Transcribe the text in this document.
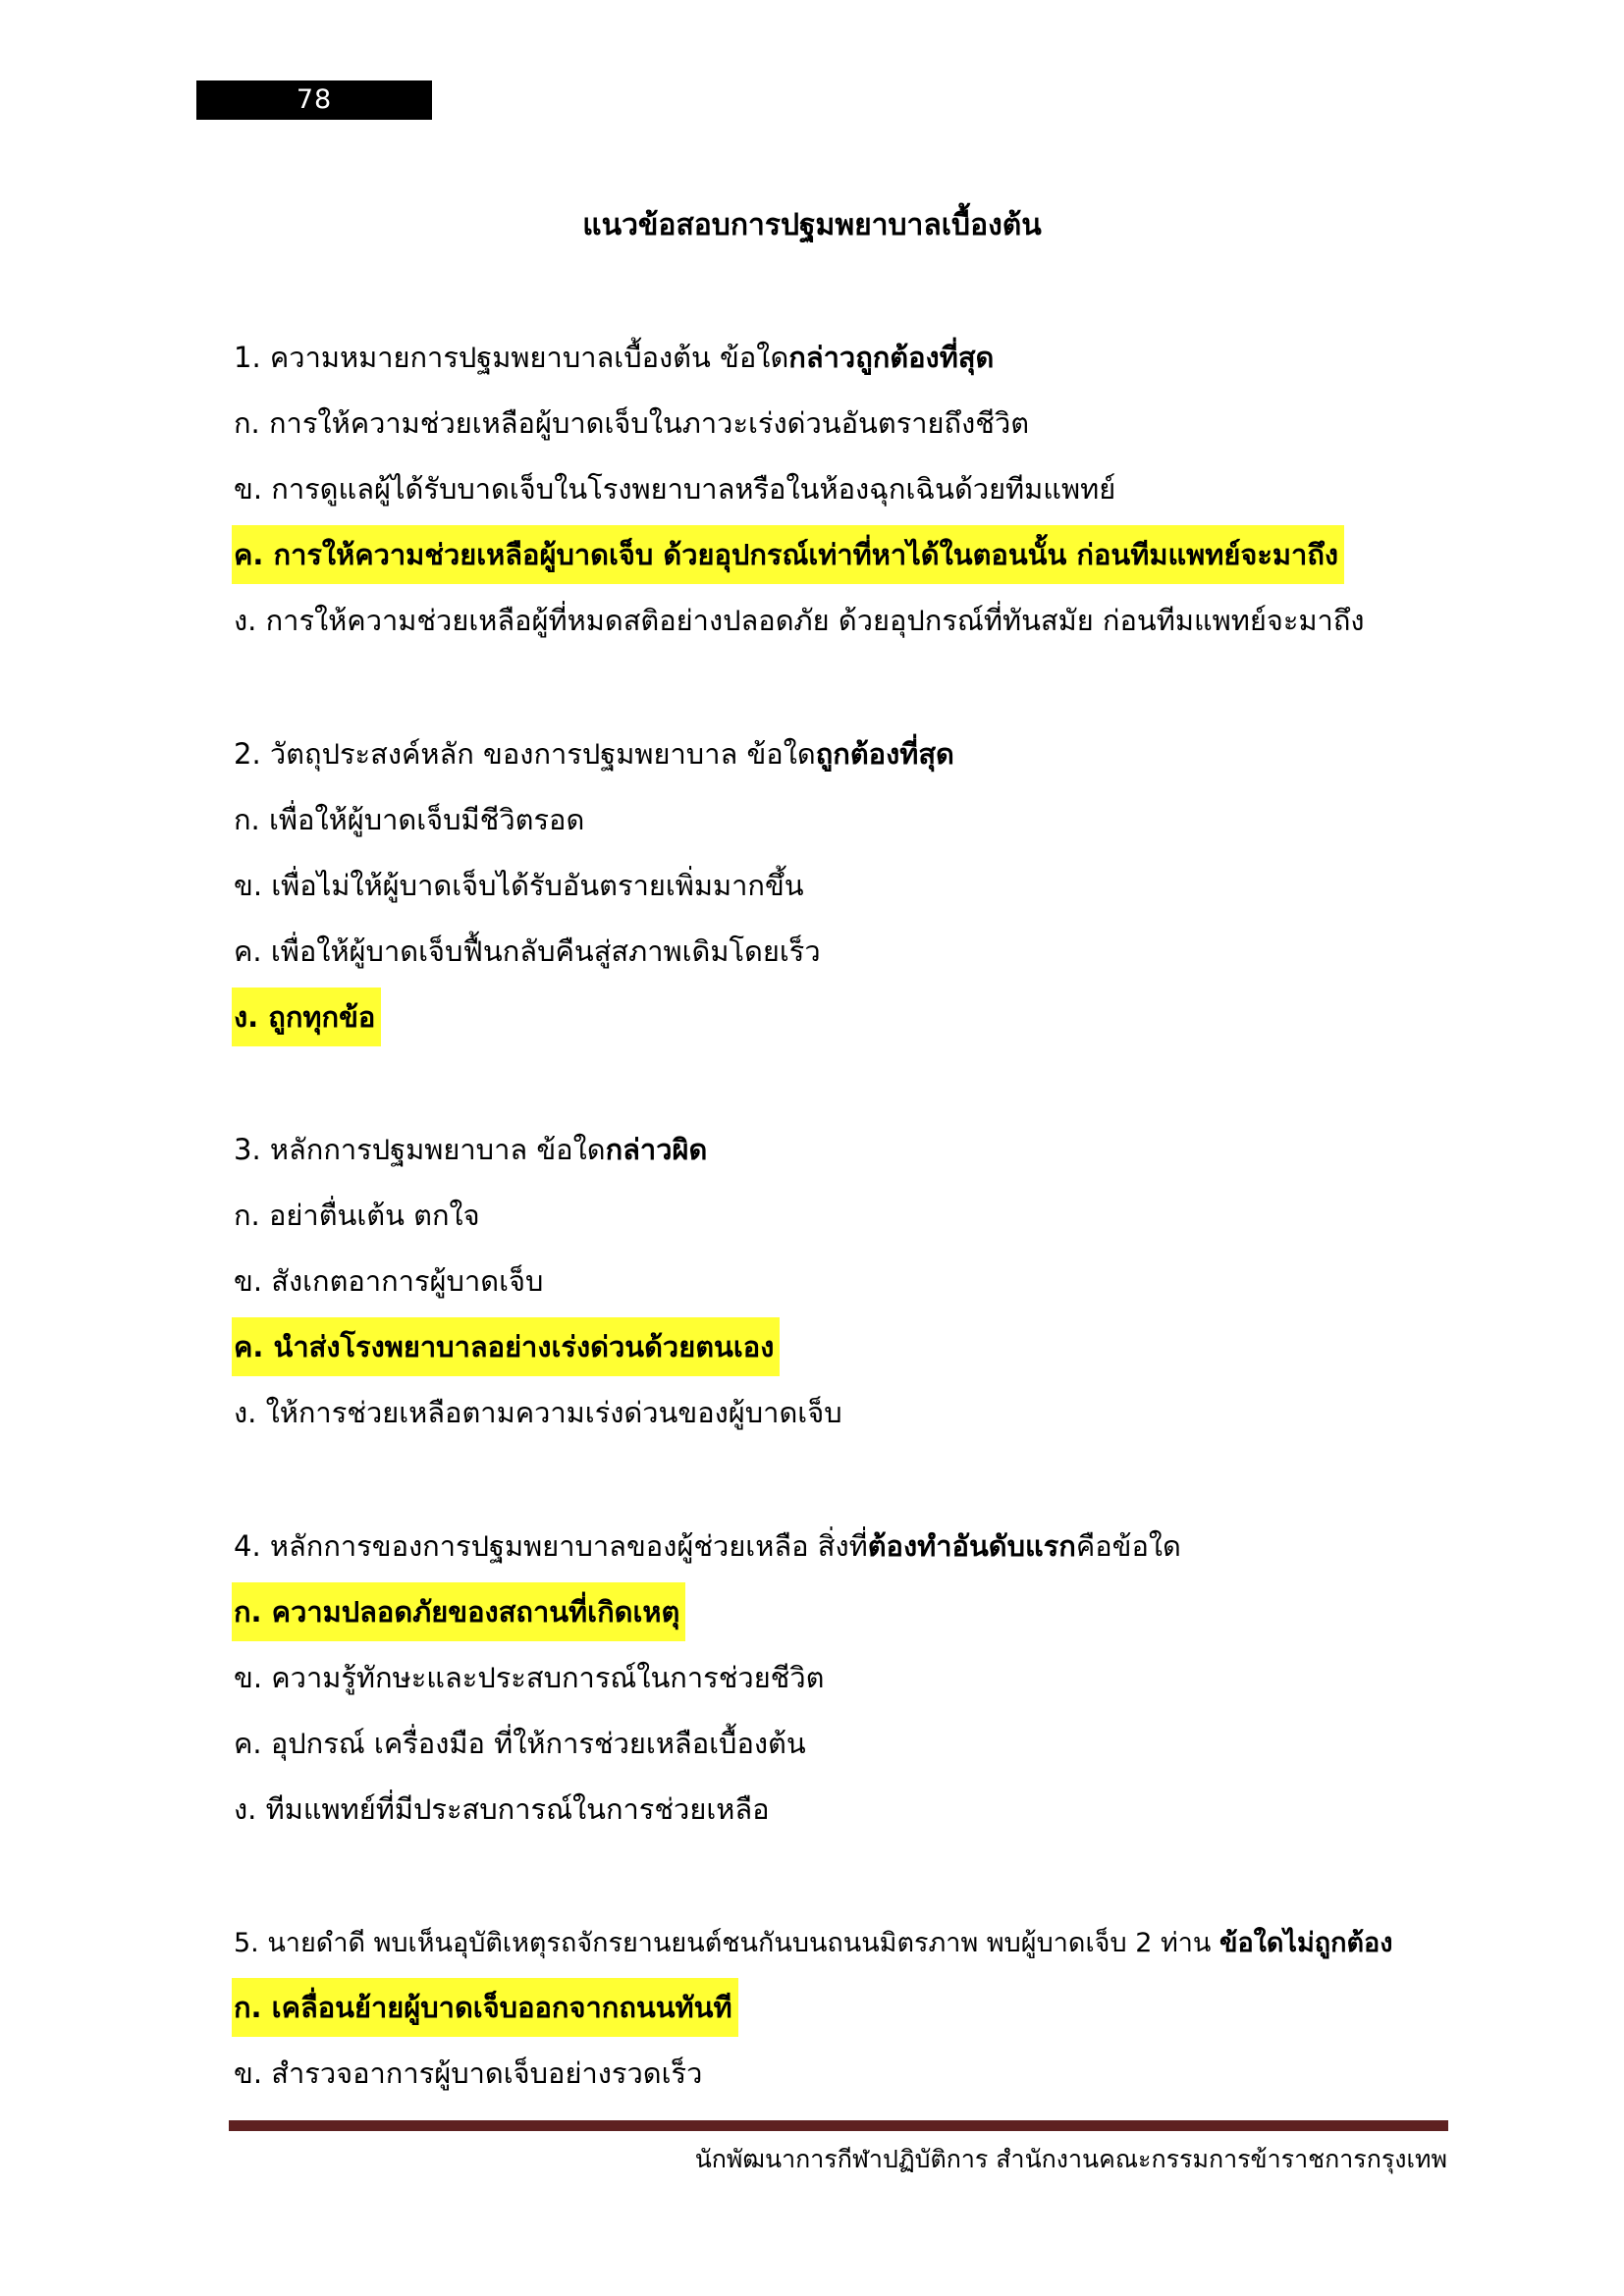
78
แนวข้อสอบการปฐมพยาบาลเบื้องต้น
1. ความหมายการปฐมพยาบาลเบื้องต้น ข้อใดกล่าวถูกต้องที่สุด
ก. การให้ความช่วยเหลือผู้บาดเจ็บในภาวะเร่งด่วนอันตรายถึงชีวิต
ข. การดูแลผู้ได้รับบาดเจ็บในโรงพยาบาลหรือในห้องฉุกเฉินด้วยทีมแพทย์
ค. การให้ความช่วยเหลือผู้บาดเจ็บ ด้วยอุปกรณ์เท่าที่หาได้ในตอนนั้น ก่อนทีมแพทย์จะมาถึง
ง. การให้ความช่วยเหลือผู้ที่หมดสติอย่างปลอดภัย ด้วยอุปกรณ์ที่ทันสมัย ก่อนทีมแพทย์จะมาถึง
2. วัตถุประสงค์หลัก ของการปฐมพยาบาล ข้อใดถูกต้องที่สุด
ก. เพื่อให้ผู้บาดเจ็บมีชีวิตรอด
ข. เพื่อไม่ให้ผู้บาดเจ็บได้รับอันตรายเพิ่มมากขึ้น
ค. เพื่อให้ผู้บาดเจ็บฟื้นกลับคืนสู่สภาพเดิมโดยเร็ว
ง. ถูกทุกข้อ
3. หลักการปฐมพยาบาล ข้อใดกล่าวผิด
ก. อย่าตื่นเต้น ตกใจ
ข. สังเกตอาการผู้บาดเจ็บ
ค. นำส่งโรงพยาบาลอย่างเร่งด่วนด้วยตนเอง
ง. ให้การช่วยเหลือตามความเร่งด่วนของผู้บาดเจ็บ
4. หลักการของการปฐมพยาบาลของผู้ช่วยเหลือ สิ่งที่ต้องทำอันดับแรกคือข้อใด
ก. ความปลอดภัยของสถานที่เกิดเหตุ
ข. ความรู้ทักษะและประสบการณ์ในการช่วยชีวิต
ค. อุปกรณ์ เครื่องมือ ที่ให้การช่วยเหลือเบื้องต้น
ง. ทีมแพทย์ที่มีประสบการณ์ในการช่วยเหลือ
5. นายดำดี พบเห็นอุบัติเหตุรถจักรยานยนต์ชนกันบนถนนมิตรภาพ พบผู้บาดเจ็บ 2 ท่าน ข้อใดไม่ถูกต้อง
ก. เคลื่อนย้ายผู้บาดเจ็บออกจากถนนทันที
ข. สำรวจอาการผู้บาดเจ็บอย่างรวดเร็ว
นักพัฒนาการกีฬาปฏิบัติการ สำนักงานคณะกรรมการข้าราชการกรุงเทพ
